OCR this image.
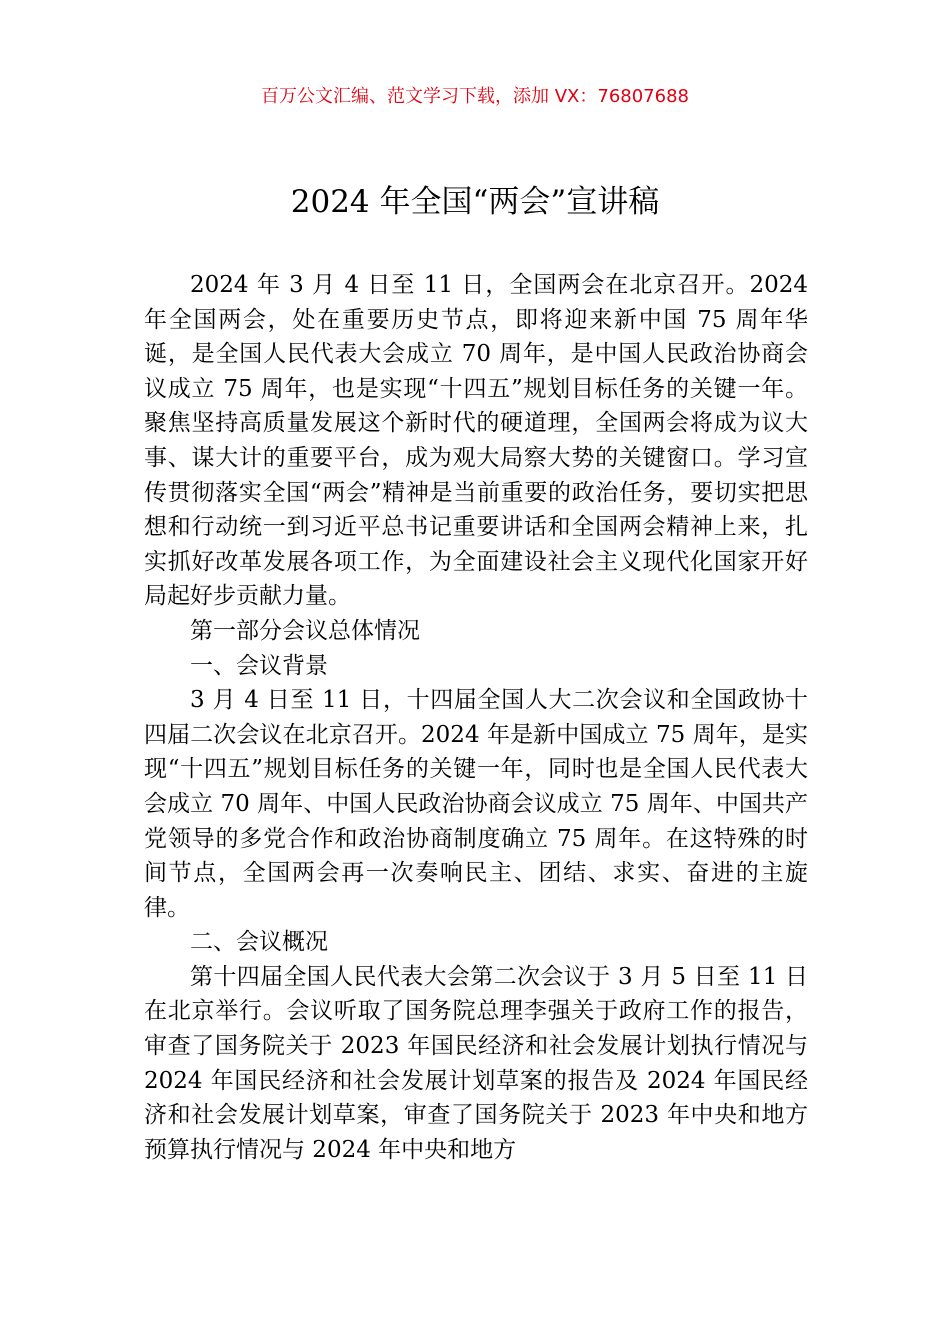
百万公文汇编、范文学习下载，添加 VX：76807688
2024 年全国“两会”宣讲稿

2024 年 3 月 4 日至 11 日，全国两会在北京召开。2024 年全国两会，处在重要历史节点，即将迎来新中国 75 周年华诞，是全国人民代表大会成立 70 周年，是中国人民政治协商会议成立 75 周年，也是实现“十四五”规划目标任务的关键一年。聚焦坚持高质量发展这个新时代的硬道理，全国两会将成为议大事、谋大计的重要平台，成为观大局察大势的关键窗口。学习宣传贯彻落实全国“两会”精神是当前重要的政治任务，要切实把思想和行动统一到习近平总书记重要讲话和全国两会精神上来，扎实抓好改革发展各项工作，为全面建设社会主义现代化国家开好局起好步贡献力量。

第一部分会议总体情况

一、会议背景

3 月 4 日至 11 日，十四届全国人大二次会议和全国政协十四届二次会议在北京召开。2024 年是新中国成立 75 周年，是实现“十四五”规划目标任务的关键一年，同时也是全国人民代表大会成立 70 周年、中国人民政治协商会议成立 75 周年、中国共产党领导的多党合作和政治协商制度确立 75 周年。在这特殊的时间节点，全国两会再一次奏响民主、团结、求实、奋进的主旋律。

二、会议概况

第十四届全国人民代表大会第二次会议于 3 月 5 日至 11 日在北京举行。会议听取了国务院总理李强关于政府工作的报告，审查了国务院关于 2023 年国民经济和社会发展计划执行情况与 2024 年国民经济和社会发展计划草案的报告及 2024 年国民经济和社会发展计划草案，审查了国务院关于 2023 年中央和地方预算执行情况与 2024 年中央和地方
